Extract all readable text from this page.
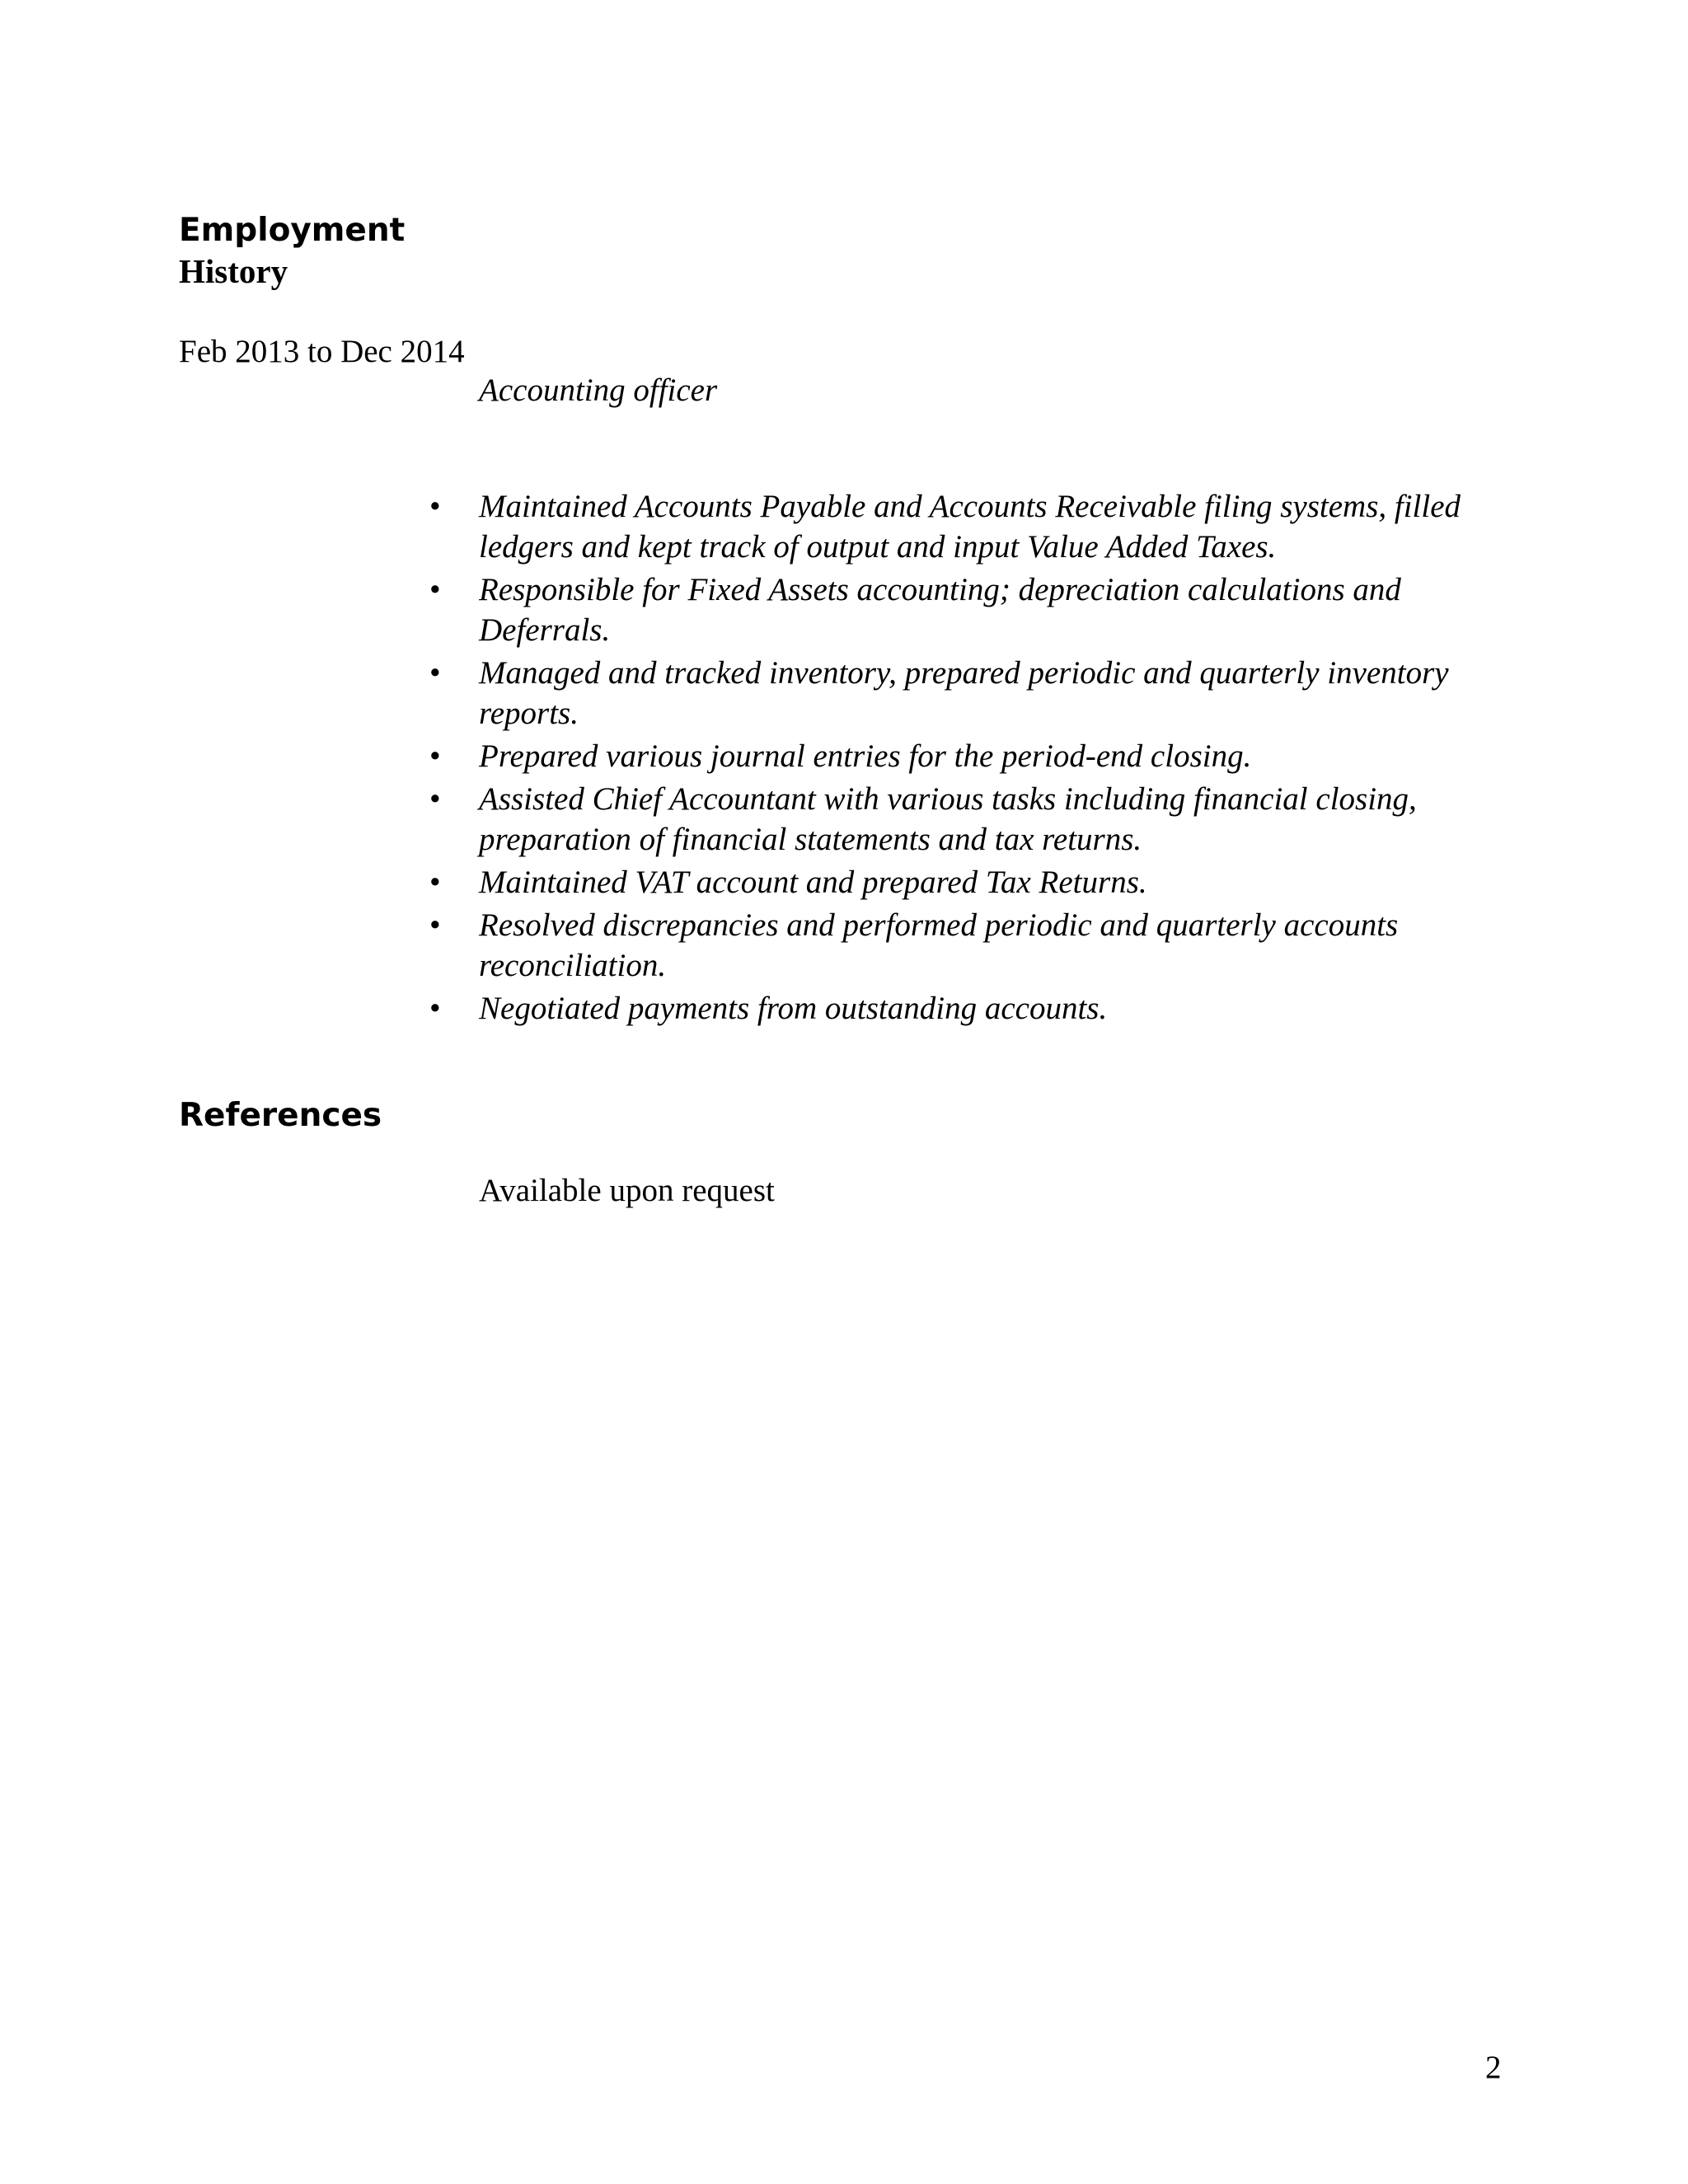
Employment
History
Feb 2013 to Dec 2014
Accounting officer
• Maintained Accounts Payable and Accounts Receivable filing systems, filled ledgers and kept track of output and input Value Added Taxes.
• Responsible for Fixed Assets accounting; depreciation calculations and Deferrals.
• Managed and tracked inventory, prepared periodic and quarterly inventory reports.
• Prepared various journal entries for the period-end closing.
• Assisted Chief Accountant with various tasks including financial closing, preparation of financial statements and tax returns.
• Maintained VAT account and prepared Tax Returns.
• Resolved discrepancies and performed periodic and quarterly accounts reconciliation.
• Negotiated payments from outstanding accounts.
References
Available upon request
2
